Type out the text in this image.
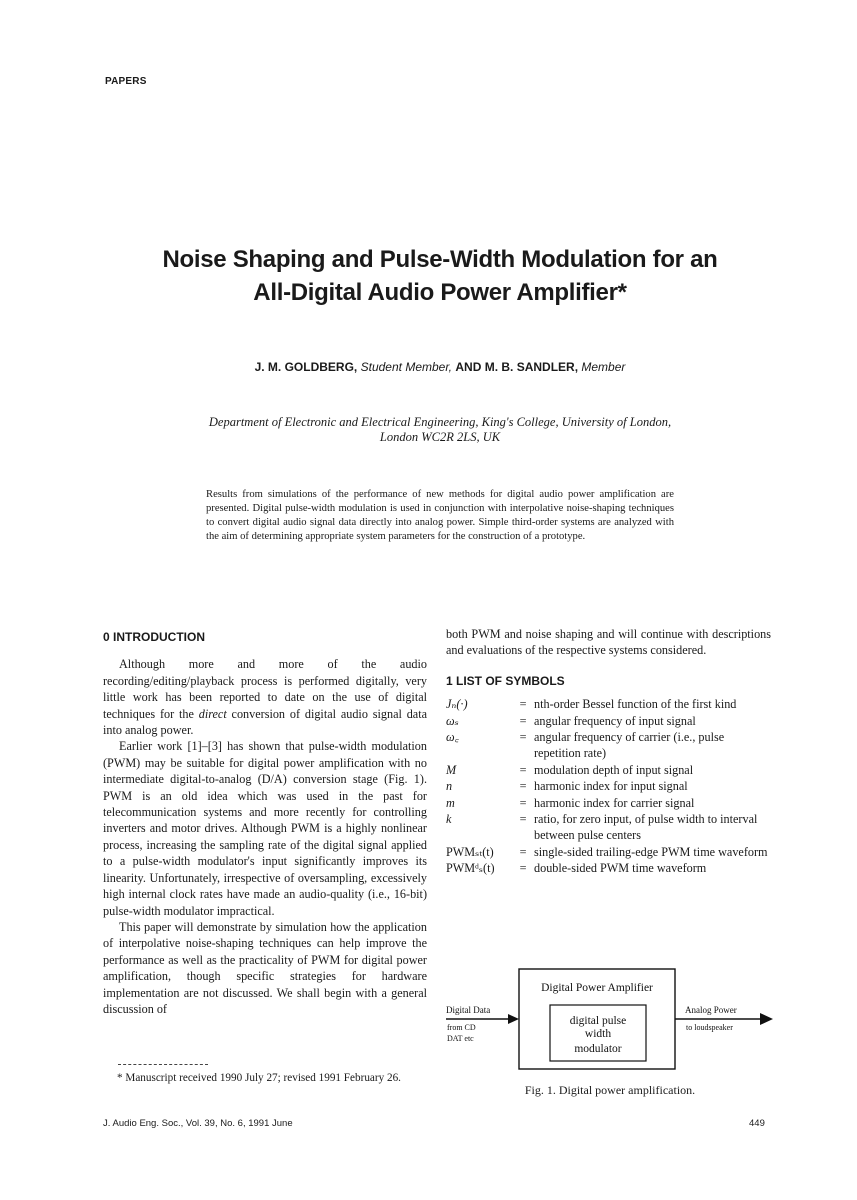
PAPERS
Noise Shaping and Pulse-Width Modulation for an
All-Digital Audio Power Amplifier*
J. M. GOLDBERG, Student Member, AND M. B. SANDLER, Member
Department of Electronic and Electrical Engineering, King's College, University of London,
London WC2R 2LS, UK
Results from simulations of the performance of new methods for digital audio power amplification are presented. Digital pulse-width modulation is used in conjunction with interpolative noise-shaping techniques to convert digital audio signal data directly into analog power. Simple third-order systems are analyzed with the aim of determining appropriate system parameters for the construction of a prototype.

0 INTRODUCTION

Although more and more of the audio recording/editing/playback process is performed digitally, very little work has been reported to date on the use of digital techniques for the direct conversion of digital audio signal data into analog power.

Earlier work [1]–[3] has shown that pulse-width modulation (PWM) may be suitable for digital power amplification with no intermediate digital-to-analog (D/A) conversion stage (Fig. 1). PWM is an old idea which was used in the past for telecommunication systems and more recently for controlling inverters and motor drives. Although PWM is a highly nonlinear process, increasing the sampling rate of the digital signal applied to a pulse-width modulator's input significantly improves its linearity. Unfortunately, irrespective of oversampling, excessively high internal clock rates have made an audio-quality (i.e., 16-bit) pulse-width modulator impractical.

This paper will demonstrate by simulation how the application of interpolative noise-shaping techniques can help improve the performance as well as the practicality of PWM for digital power amplification, though specific strategies for hardware implementation are not discussed. We shall begin with a general discussion of

both PWM and noise shaping and will continue with descriptions and evaluations of the respective systems considered.

1 LIST OF SYMBOLS

Jₙ(·)	= nth-order Bessel function of the first kind
ωₛ	= angular frequency of input signal
ω꜀	= angular frequency of carrier (i.e., pulse repetition rate)
M	= modulation depth of input signal
n	= harmonic index for input signal
m	= harmonic index for carrier signal
k	= ratio, for zero input, of pulse width to interval between pulse centers
PWMₛₜ(t)	= single-sided trailing-edge PWM time waveform
PWMᵈₛ(t)	= double-sided PWM time waveform
* Manuscript received 1990 July 27; revised 1991 February 26.
Digital Power Amplifier
digital pulse
width
modulator
Digital Data
from CD
DAT etc
Analog Power
to loudspeaker
Fig. 1. Digital power amplification.
J. Audio Eng. Soc., Vol. 39, No. 6, 1991 June	449
